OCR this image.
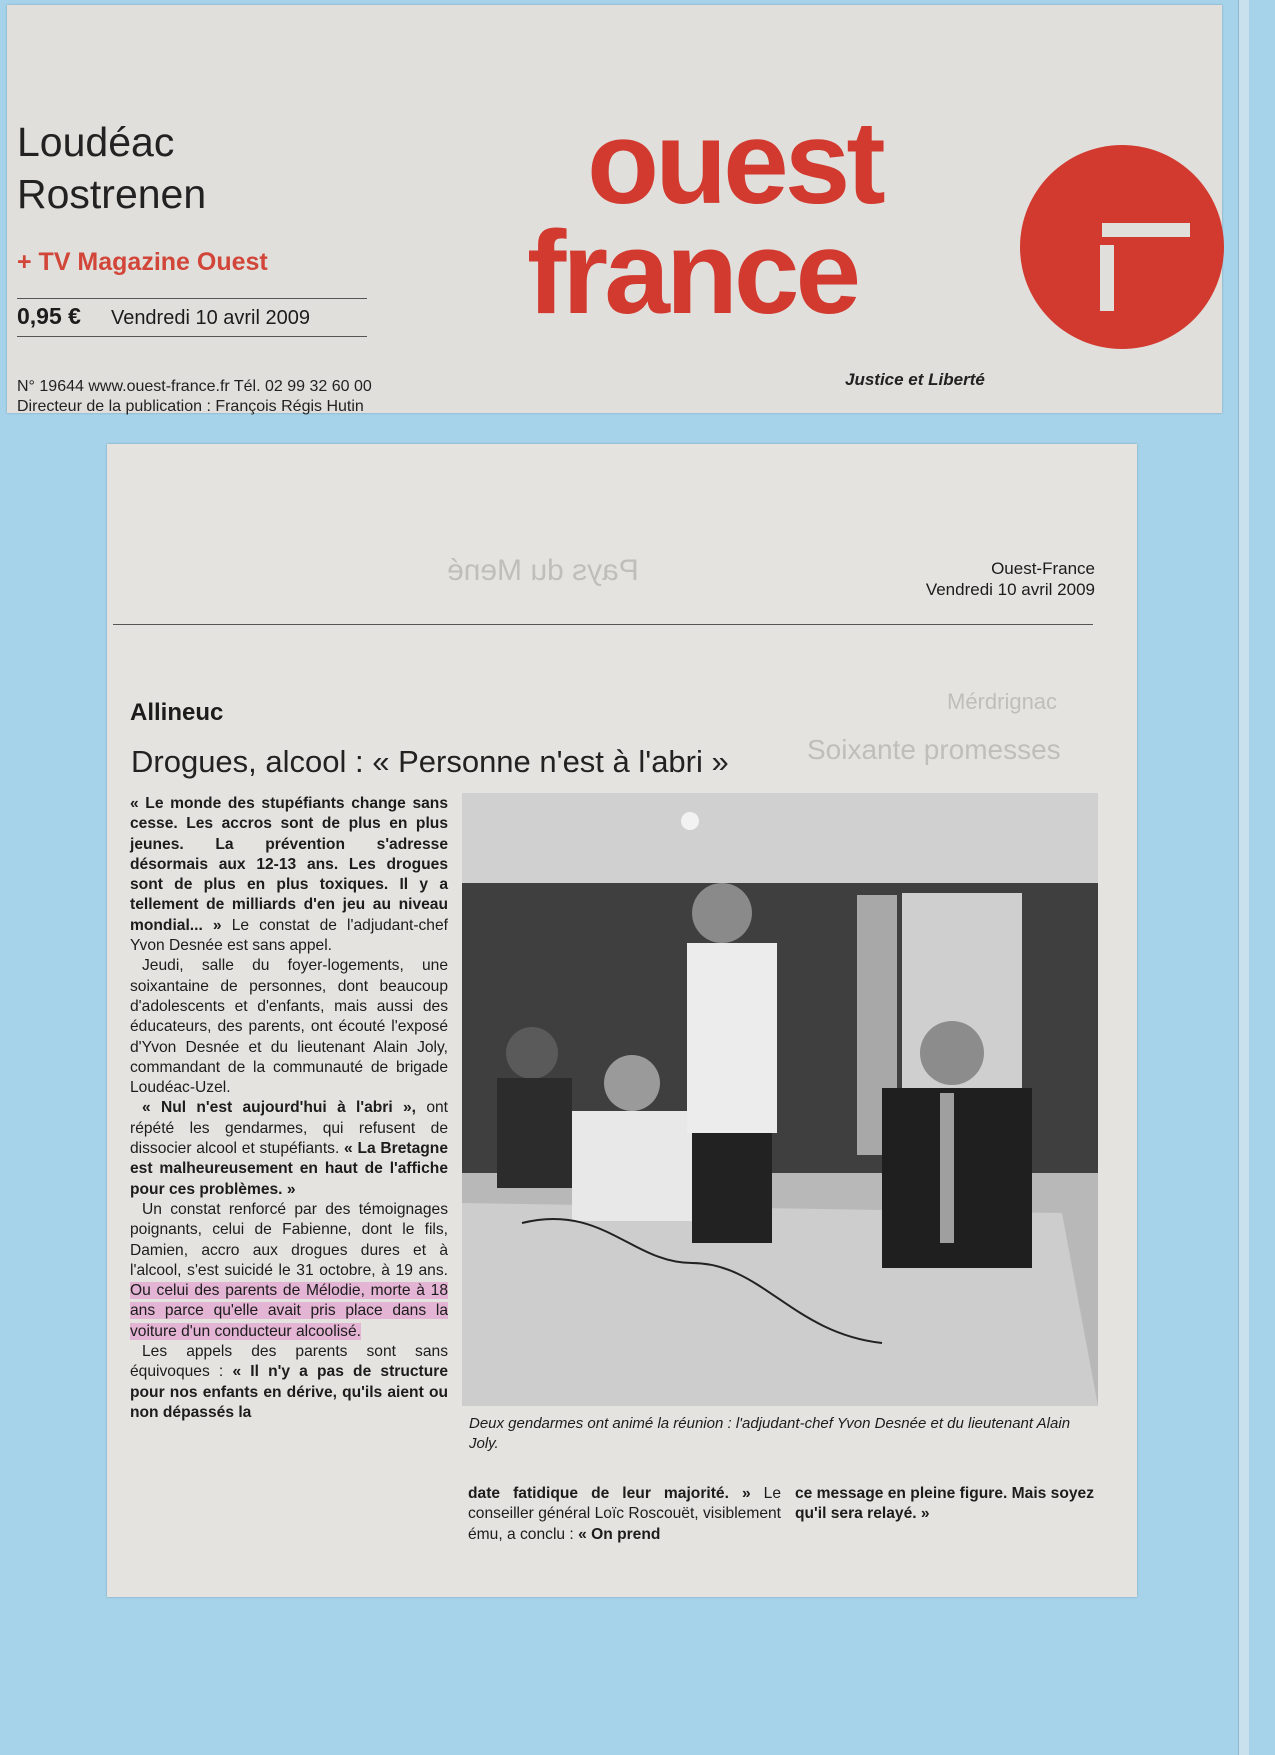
Loudéac
Rostrenen
+ TV Magazine Ouest
0,95 € Vendredi 10 avril 2009
N° 19644 www.ouest-france.fr Tél. 02 99 32 60 00
Directeur de la publication : François Régis Hutin
ouest
france
Justice et Liberté
Pays du Mené
Mérdrignac
Soixante promesses
Ouest-France
Vendredi 10 avril 2009
Allineuc
Drogues, alcool : « Personne n'est à l'abri »

« Le monde des stupéfiants change sans cesse. Les accros sont de plus en plus jeunes. La prévention s'adresse désormais aux 12-13 ans. Les drogues sont de plus en plus toxiques. Il y a tellement de milliards d'en jeu au niveau mondial... » Le constat de l'adjudant-chef Yvon Desnée est sans appel.

Jeudi, salle du foyer-logements, une soixantaine de personnes, dont beaucoup d'adolescents et d'enfants, mais aussi des éducateurs, des parents, ont écouté l'exposé d'Yvon Desnée et du lieutenant Alain Joly, commandant de la communauté de brigade Loudéac-Uzel.

« Nul n'est aujourd'hui à l'abri », ont répété les gendarmes, qui refusent de dissocier alcool et stupéfiants. « La Bretagne est malheureusement en haut de l'affiche pour ces problèmes. »

Un constat renforcé par des témoignages poignants, celui de Fabienne, dont le fils, Damien, accro aux drogues dures et à l'alcool, s'est suicidé le 31 octobre, à 19 ans. Ou celui des parents de Mélodie, morte à 18 ans parce qu'elle avait pris place dans la voiture d'un conducteur alcoolisé.

Les appels des parents sont sans équivoques : « Il n'y a pas de structure pour nos enfants en dérive, qu'ils aient ou non dépassés la

Deux gendarmes ont animé la réunion : l'adjudant-chef Yvon Desnée et du lieutenant Alain Joly.

date fatidique de leur majorité. » Le conseiller général Loïc Roscouët, visiblement ému, a conclu : « On prend

ce message en pleine figure. Mais soyez qu'il sera relayé. »
